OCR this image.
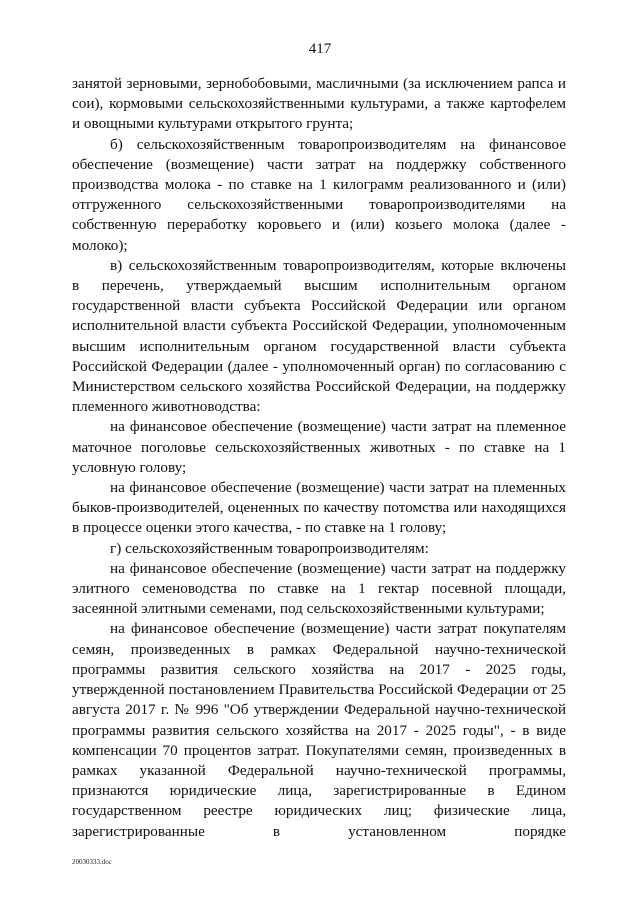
417

занятой зерновыми, зернобобовыми, масличными (за исключением рапса и сои), кормовыми сельскохозяйственными культурами, а также картофелем и овощными культурами открытого грунта;

б) сельскохозяйственным товаропроизводителям на финансовое обеспечение (возмещение) части затрат на поддержку собственного производства молока - по ставке на 1 килограмм реализованного и (или) отгруженного сельскохозяйственными товаропроизводителями на собственную переработку коровьего и (или) козьего молока (далее - молоко);

в) сельскохозяйственным товаропроизводителям, которые включены в перечень, утверждаемый высшим исполнительным органом государственной власти субъекта Российской Федерации или органом исполнительной власти субъекта Российской Федерации, уполномоченным высшим исполнительным органом государственной власти субъекта Российской Федерации (далее - уполномоченный орган) по согласованию с Министерством сельского хозяйства Российской Федерации, на поддержку племенного животноводства:

на финансовое обеспечение (возмещение) части затрат на племенное маточное поголовье сельскохозяйственных животных - по ставке на 1 условную голову;

на финансовое обеспечение (возмещение) части затрат на племенных быков-производителей, оцененных по качеству потомства или находящихся в процессе оценки этого качества, - по ставке на 1 голову;

г) сельскохозяйственным товаропроизводителям:

на финансовое обеспечение (возмещение) части затрат на поддержку элитного семеноводства по ставке на 1 гектар посевной площади, засеянной элитными семенами, под сельскохозяйственными культурами;

на финансовое обеспечение (возмещение) части затрат покупателям семян, произведенных в рамках Федеральной научно-технической программы развития сельского хозяйства на 2017 - 2025 годы, утвержденной постановлением Правительства Российской Федерации от 25 августа 2017 г. № 996 "Об утверждении Федеральной научно-технической программы развития сельского хозяйства на 2017 - 2025 годы", - в виде компенсации 70 процентов затрат. Покупателями семян, произведенных в рамках указанной Федеральной научно-технической программы, признаются юридические лица, зарегистрированные в Едином государственном реестре юридических лиц; физические лица, зарегистрированные в установленном порядке

20030333.doc
